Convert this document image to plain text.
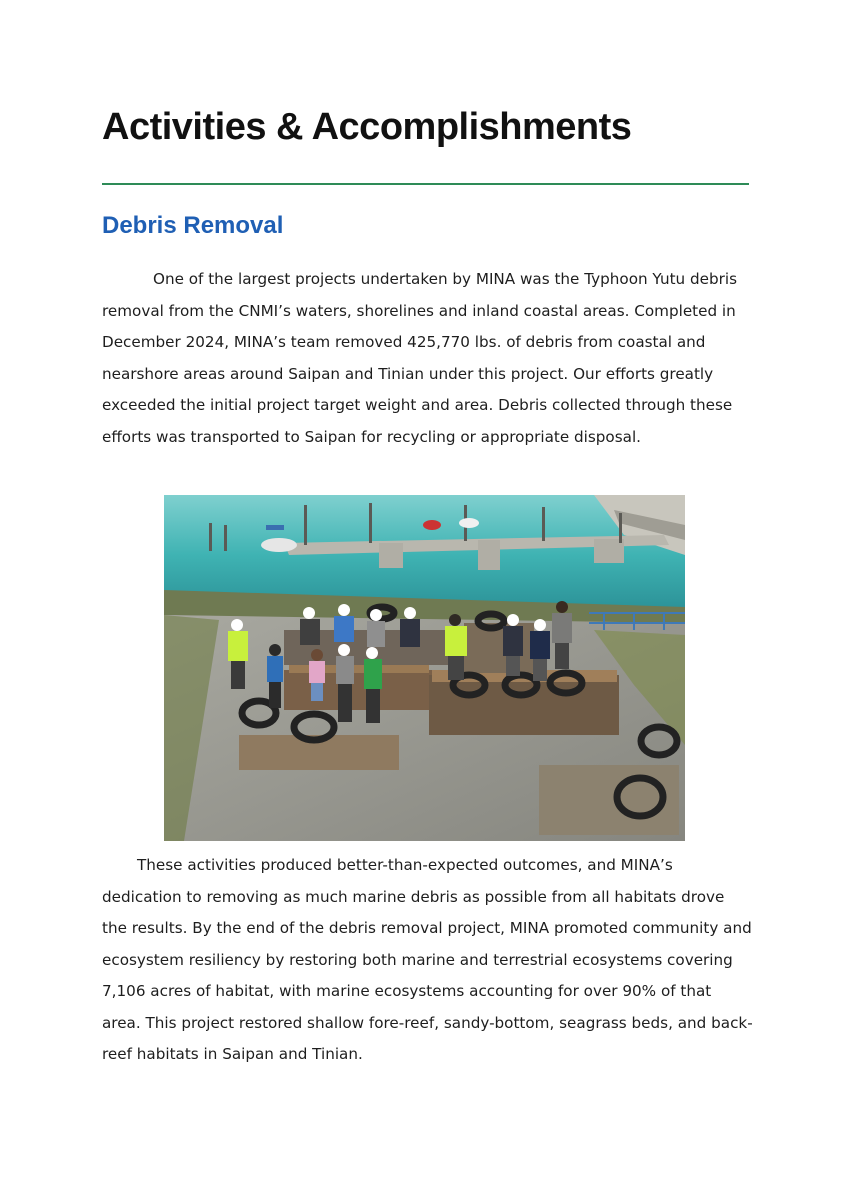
Activities & Accomplishments
Debris Removal

One of the largest projects undertaken by MINA was the Typhoon Yutu debris removal from the CNMI’s waters, shorelines and inland coastal areas. Completed in December 2024, MINA’s team removed 425,770 lbs. of debris from coastal and nearshore areas around Saipan and Tinian under this project. Our efforts greatly exceeded the initial project target weight and area. Debris collected through these efforts was transported to Saipan for recycling or appropriate disposal.

These activities produced better-than-expected outcomes, and MINA’s dedication to removing as much marine debris as possible from all habitats drove the results. By the end of the debris removal project, MINA promoted community and ecosystem resiliency by restoring both marine and terrestrial ecosystems covering 7,106 acres of habitat, with marine ecosystems accounting for over 90% of that area. This project restored shallow fore-reef, sandy-bottom, seagrass beds, and back-reef habitats in Saipan and Tinian.
